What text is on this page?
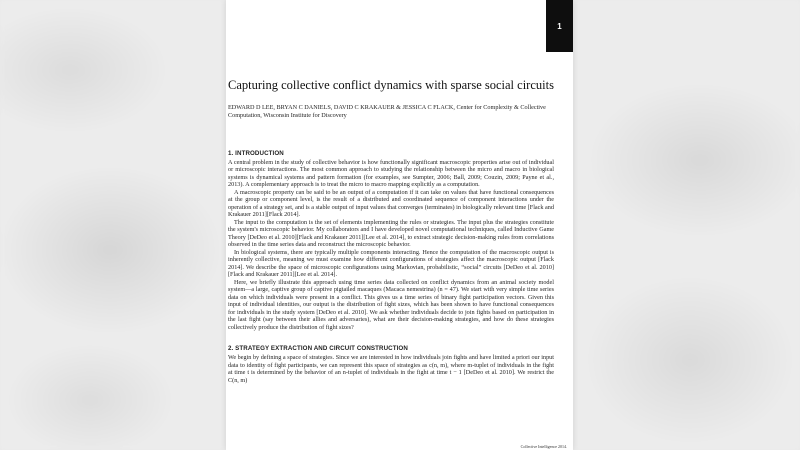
Capturing collective conflict dynamics with sparse social circuits

EDWARD D LEE, BRYAN C DANIELS, DAVID C KRAKAUER & JESSICA C FLACK, Center for Complexity & Collective Computation, Wisconsin Institute for Discovery

1. INTRODUCTION

A central problem in the study of collective behavior is how functionally significant macroscopic properties arise out of individual or microscopic interactions. The most common approach to studying the relationship between the micro and macro in biological systems is dynamical systems and pattern formation (for examples, see Sumpter, 2006; Ball, 2009; Couzin, 2009; Payne et al., 2013). A complementary approach is to treat the micro to macro mapping explicitly as a computation.

A macroscopic property can be said to be an output of a computation if it can take on values that have functional consequences at the group or component level, is the result of a distributed and coordinated sequence of component interactions under the operation of a strategy set, and is a stable output of input values that converges (terminates) in biologically relevant time [Flack and Krakauer 2011][Flack 2014].

The input to the computation is the set of elements implementing the rules or strategies. The input plus the strategies constitute the system's microscopic behavior. My collaborators and I have developed novel computational techniques, called Inductive Game Theory [DeDeo et al. 2010][Flack and Krakauer 2011][Lee et al. 2014], to extract strategic decision-making rules from correlations observed in the time series data and reconstruct the microscopic behavior.

In biological systems, there are typically multiple components interacting. Hence the computation of the macroscopic output is inherently collective, meaning we must examine how different configurations of strategies affect the macroscopic output [Flack 2014]. We describe the space of microscopic configurations using Markovian, probabilistic, “social” circuits [DeDeo et al. 2010][Flack and Krakauer 2011][Lee et al. 2014].

Here, we briefly illustrate this approach using time series data collected on conflict dynamics from an animal society model system—a large, captive group of captive pigtailed macaques (Macaca nemestrina) (n = 47). We start with very simple time series data on which individuals were present in a conflict. This gives us a time series of binary fight participation vectors. Given this input of individual identities, our output is the distribution of fight sizes, which has been shown to have functional consequences for individuals in the study system [DeDeo et al. 2010]. We ask whether individuals decide to join fights based on participation in the last fight (say between their allies and adversaries), what are their decision-making strategies, and how do these strategies collectively produce the distribution of fight sizes?

2. STRATEGY EXTRACTION AND CIRCUIT CONSTRUCTION

We begin by defining a space of strategies. Since we are interested in how individuals join fights and have limited a priori our input data to identity of fight participants, we can represent this space of strategies as c(n, m), where m-tuplet of individuals in the fight at time t is determined by the behavior of an n-tuplet of individuals in the fight at time t − 1 [DeDeo et al. 2010]. We restrict the C(n, m)

Collective Intelligence 2014.
1
